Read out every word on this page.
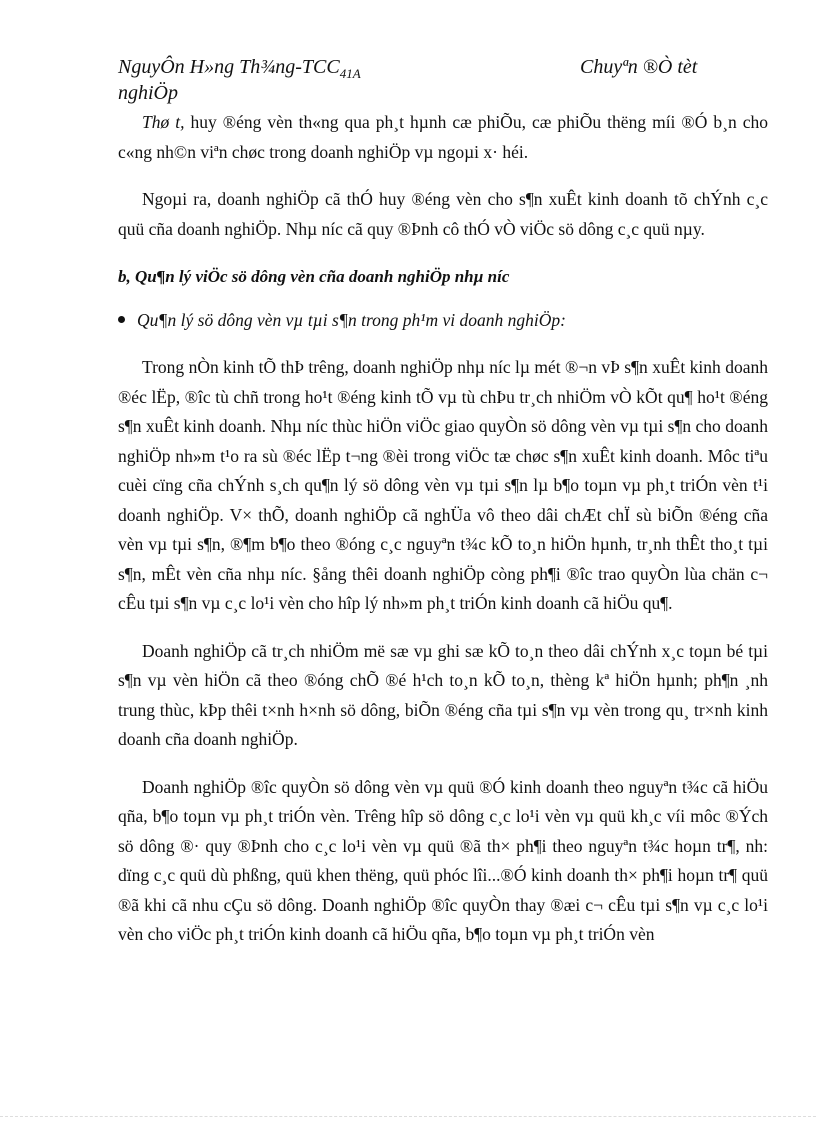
NguyÔn H»ng Th¾ng-$TCC_{41A}$	Chuyªn ®Ò tèt
nghiÖp

Thø t, huy ®éng vèn th«ng qua ph¸t hµnh cæ phiÕu, cæ phiÕu thëng míi ®Ó b¸n cho c«ng nh©n viªn chøc trong doanh nghiÖp vµ ngoµi x· héi.

Ngoµi ra, doanh nghiÖp cã thÓ huy ®éng vèn cho s¶n xuÊt kinh doanh tõ chÝnh c¸c quü cña doanh nghiÖp. Nhµ níc cã quy ®Þnh cô thÓ vÒ viÖc sö dông c¸c quü nµy.

b, Qu¶n lý viÖc sö dông vèn cña doanh nghiÖp nhµ níc

Qu¶n lý sö dông vèn vµ tµi s¶n trong ph¹m vi doanh nghiÖp:

Trong nÒn kinh tÕ thÞ trêng, doanh nghiÖp nhµ níc lµ mét ®¬n vÞ s¶n xuÊt kinh doanh ®éc lËp, ®îc tù chñ trong ho¹t ®éng kinh tÕ vµ tù chÞu tr¸ch nhiÖm vÒ kÕt qu¶ ho¹t ®éng s¶n xuÊt kinh doanh. Nhµ níc thùc hiÖn viÖc giao quyÒn sö dông vèn vµ tµi s¶n cho doanh nghiÖp nh»m t¹o ra sù ®éc lËp t¬ng ®èi trong viÖc tæ chøc s¶n xuÊt kinh doanh. Môc tiªu cuèi cïng cña chÝnh s¸ch qu¶n lý sö dông vèn vµ tµi s¶n lµ b¶o toµn vµ ph¸t triÓn vèn t¹i doanh nghiÖp. V× thÕ, doanh nghiÖp cã nghÜa vô theo dâi chÆt chÏ sù biÕn ®éng cña vèn vµ tµi s¶n, ®¶m b¶o theo ®óng c¸c nguyªn t¾c kÕ to¸n hiÖn hµnh, tr¸nh thÊt tho¸t tµi s¶n, mÊt vèn cña nhµ níc. §ång thêi doanh nghiÖp còng ph¶i ®îc trao quyÒn lùa chän c¬ cÊu tµi s¶n vµ c¸c lo¹i vèn cho hîp lý nh»m ph¸t triÓn kinh doanh cã hiÖu qu¶.

Doanh nghiÖp cã tr¸ch nhiÖm më sæ vµ ghi sæ kÕ to¸n theo dâi chÝnh x¸c toµn bé tµi s¶n vµ vèn hiÖn cã theo ®óng chÕ ®é h¹ch to¸n kÕ to¸n, thèng kª hiÖn hµnh; ph¶n ¸nh trung thùc, kÞp thêi t×nh h×nh sö dông, biÕn ®éng cña tµi s¶n vµ vèn trong qu¸ tr×nh kinh doanh cña doanh nghiÖp.

Doanh nghiÖp ®îc quyÒn sö dông vèn vµ quü ®Ó kinh doanh theo nguyªn t¾c cã hiÖu qña, b¶o toµn vµ ph¸t triÓn vèn. Trêng hîp sö dông c¸c lo¹i vèn vµ quü kh¸c víi môc ®Ých sö dông ®· quy ®Þnh cho c¸c lo¹i vèn vµ quü ®ã th× ph¶i theo nguyªn t¾c hoµn tr¶, nh: dïng c¸c quü dù phßng, quü khen thëng, quü phóc lîi...®Ó kinh doanh th× ph¶i hoµn tr¶ quü ®ã khi cã nhu cÇu sö dông. Doanh nghiÖp ®îc quyÒn thay ®æi c¬ cÊu tµi s¶n vµ c¸c lo¹i vèn cho viÖc ph¸t triÓn kinh doanh cã hiÖu qña, b¶o toµn vµ ph¸t triÓn vèn
